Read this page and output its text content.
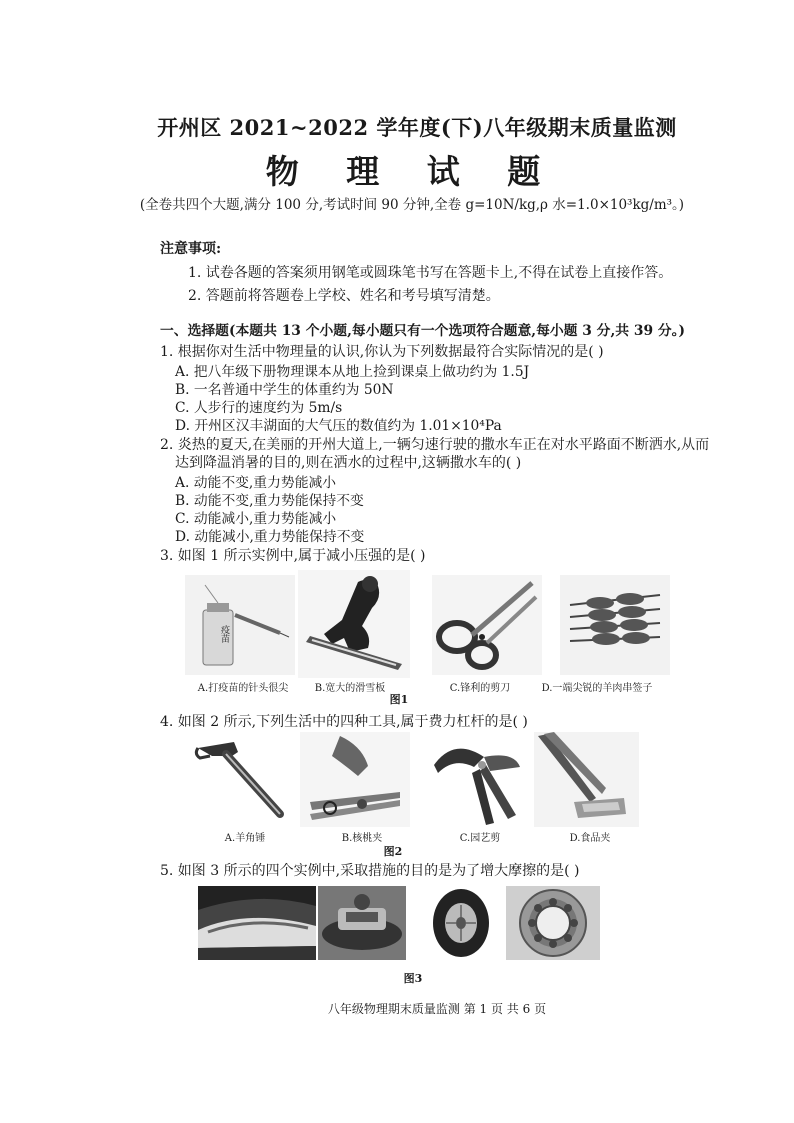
开州区 2021~2022 学年度(下)八年级期末质量监测
物 理 试 题
(全卷共四个大题,满分 100 分,考试时间 90 分钟,全卷 g=10N/kg,ρ 水=1.0×10³kg/m³。)
注意事项:
1. 试卷各题的答案须用钢笔或圆珠笔书写在答题卡上,不得在试卷上直接作答。
2. 答题前将答题卷上学校、姓名和考号填写清楚。
一、选择题(本题共 13 个小题,每小题只有一个选项符合题意,每小题 3 分,共 39 分。)
1. 根据你对生活中物理量的认识,你认为下列数据最符合实际情况的是( )
A. 把八年级下册物理课本从地上捡到课桌上做功约为 1.5J
B. 一名普通中学生的体重约为 50N
C. 人步行的速度约为 5m/s
D. 开州区汉丰湖面的大气压的数值约为 1.01×10⁴Pa
2. 炎热的夏天,在美丽的开州大道上,一辆匀速行驶的撒水车正在对水平路面不断洒水,从而
达到降温消暑的目的,则在洒水的过程中,这辆撒水车的( )
A. 动能不变,重力势能减小
B. 动能不变,重力势能保持不变
C. 动能减小,重力势能减小
D. 动能减小,重力势能保持不变
3. 如图 1 所示实例中,属于减小压强的是( )
疫苗
A.打疫苗的针头很尖	B.宽大的滑雪板	C.锋利的剪刀	D.一端尖锐的羊肉串签子
图1
4. 如图 2 所示,下列生活中的四种工具,属于费力杠杆的是( )
A.羊角锤	B.核桃夹	C.园艺剪	D.食品夹
图2
5. 如图 3 所示的四个实例中,采取措施的目的是为了增大摩擦的是( )
图3
八年级物理期末质量监测 第 1 页 共 6 页
